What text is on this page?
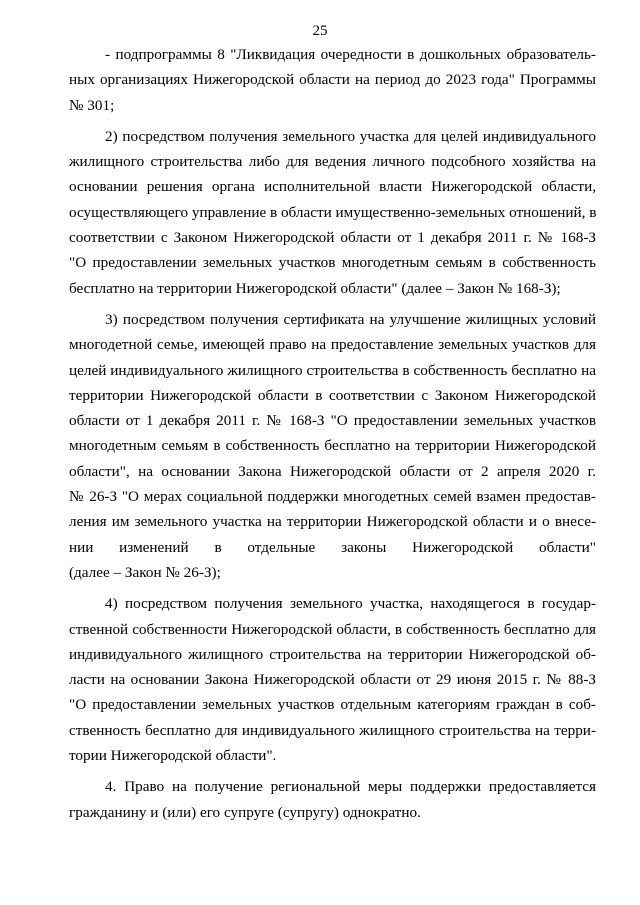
25
- подпрограммы 8 "Ликвидация очередности в дошкольных образователь-
ных организациях Нижегородской области на период до 2023 года" Программы
№ 301;
2) посредством получения земельного участка для целей индивидуального
жилищного строительства либо для ведения личного подсобного хозяйства на
основании решения органа исполнительной власти Нижегородской области,
осуществляющего управление в области имущественно-земельных отношений, в
соответствии с Законом Нижегородской области от 1 декабря 2011 г. № 168-З
"О предоставлении земельных участков многодетным семьям в собственность
бесплатно на территории Нижегородской области" (далее – Закон № 168-З);
3) посредством получения сертификата на улучшение жилищных условий
многодетной семье, имеющей право на предоставление земельных участков для
целей индивидуального жилищного строительства в собственность бесплатно на
территории Нижегородской области в соответствии с Законом Нижегородской
области от 1 декабря 2011 г. № 168-З "О предоставлении земельных участков
многодетным семьям в собственность бесплатно на территории Нижегородской
области", на основании Закона Нижегородской области от 2 апреля 2020 г.
№ 26-З "О мерах социальной поддержки многодетных семей взамен предостав-
ления им земельного участка на территории Нижегородской области и о внесе-
нии изменений в отдельные законы Нижегородской области"
(далее – Закон № 26-З);
4) посредством получения земельного участка, находящегося в государ-
ственной собственности Нижегородской области, в собственность бесплатно для
индивидуального жилищного строительства на территории Нижегородской об-
ласти на основании Закона Нижегородской области от 29 июня 2015 г. № 88-З
"О предоставлении земельных участков отдельным категориям граждан в соб-
ственность бесплатно для индивидуального жилищного строительства на терри-
тории Нижегородской области".
4. Право на получение региональной меры поддержки предоставляется
гражданину и (или) его супруге (супругу) однократно.
